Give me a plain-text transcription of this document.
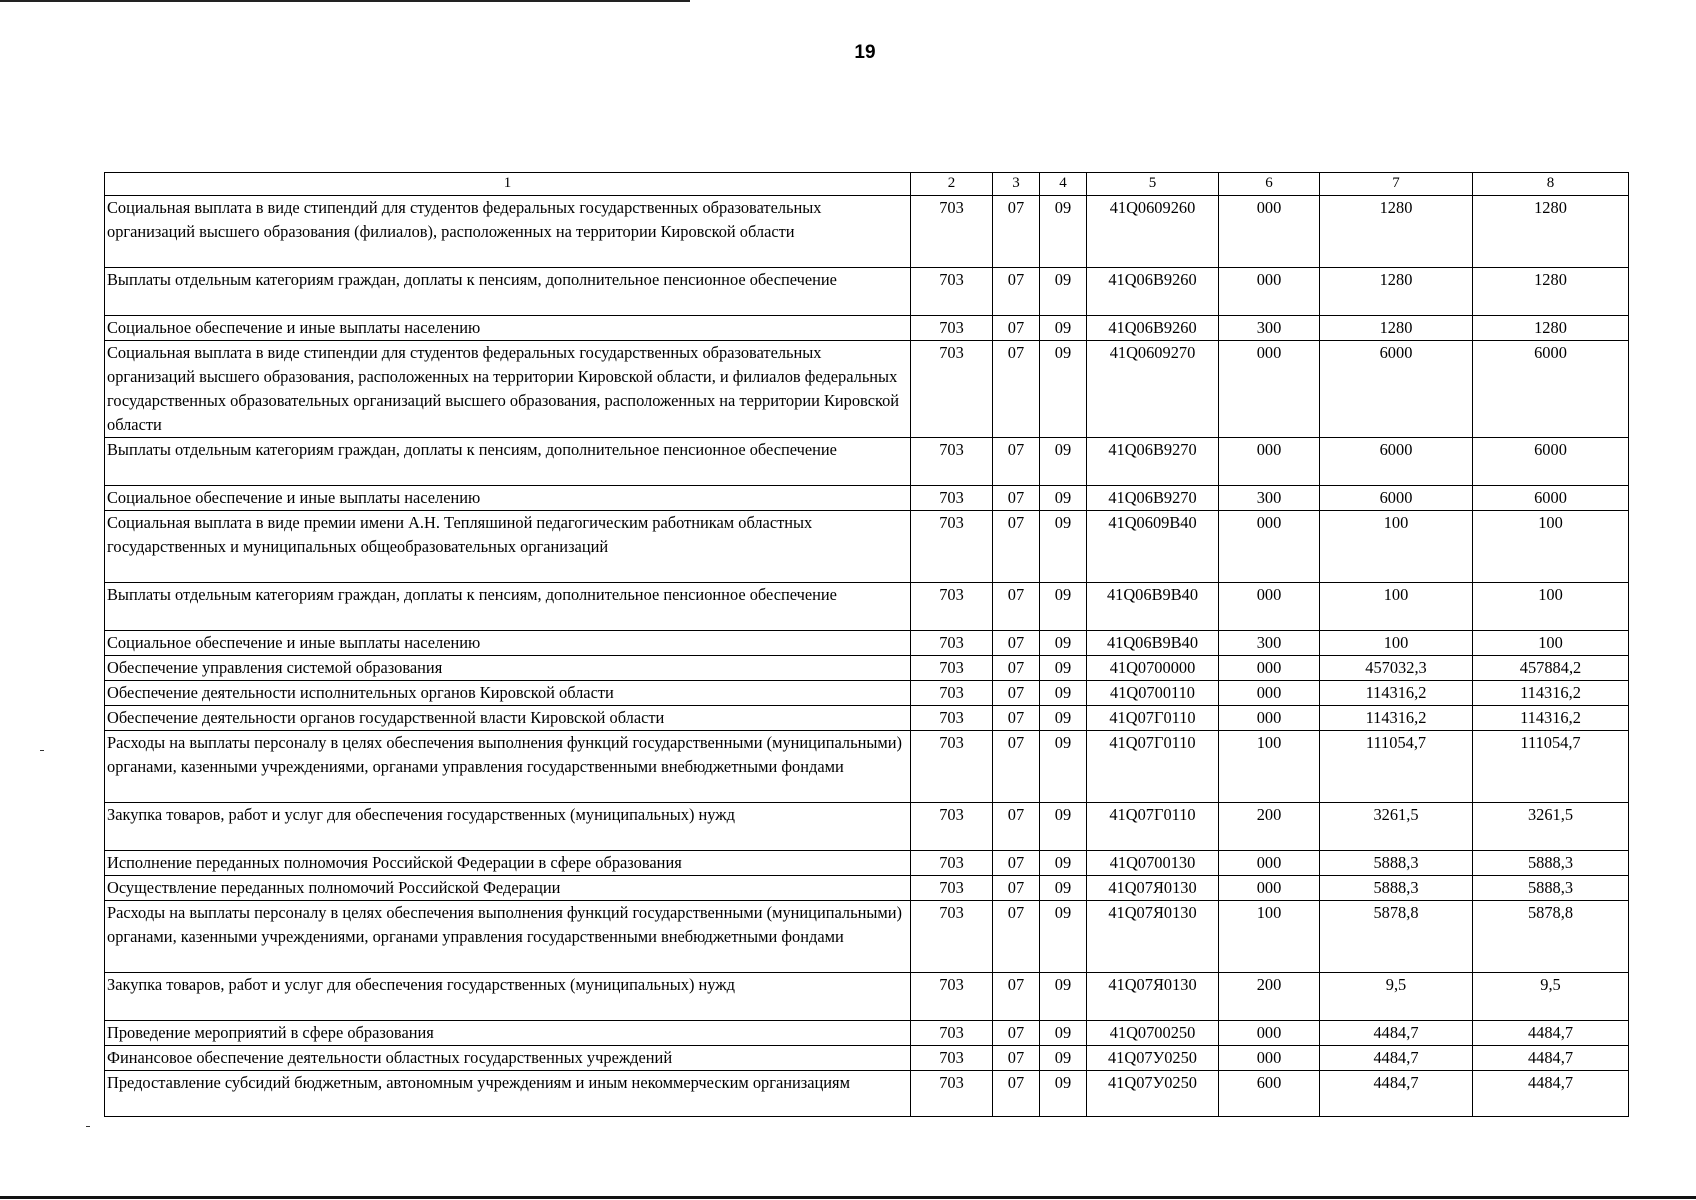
19
1	2	3	4	5	6	7	8
Социальная выплата в виде стипендий для студентов федеральных государственных образовательных организаций высшего образования (филиалов), расположенных на территории Кировской области	703	07	09	41Q0609260	000	1280	1280
Выплаты отдельным категориям граждан, доплаты к пенсиям, дополнительное пенсионное обеспечение	703	07	09	41Q06B9260	000	1280	1280
Социальное обеспечение и иные выплаты населению	703	07	09	41Q06B9260	300	1280	1280
Социальная выплата в виде стипендии для студентов федеральных государственных образовательных организаций высшего образования, расположенных на территории Кировской области, и филиалов федеральных государственных образовательных организаций высшего образования, расположенных на территории Кировской области	703	07	09	41Q0609270	000	6000	6000
Выплаты отдельным категориям граждан, доплаты к пенсиям, дополнительное пенсионное обеспечение	703	07	09	41Q06B9270	000	6000	6000
Социальное обеспечение и иные выплаты населению	703	07	09	41Q06B9270	300	6000	6000
Социальная выплата в виде премии имени А.Н. Тепляшиной педагогическим работникам областных государственных и муниципальных общеобразовательных организаций	703	07	09	41Q0609B40	000	100	100
Выплаты отдельным категориям граждан, доплаты к пенсиям, дополнительное пенсионное обеспечение	703	07	09	41Q06B9B40	000	100	100
Социальное обеспечение и иные выплаты населению	703	07	09	41Q06B9B40	300	100	100
Обеспечение управления системой образования	703	07	09	41Q0700000	000	457032,3	457884,2
Обеспечение деятельности исполнительных органов Кировской области	703	07	09	41Q0700110	000	114316,2	114316,2
Обеспечение деятельности органов государственной власти Кировской области	703	07	09	41Q07Г0110	000	114316,2	114316,2
Расходы на выплаты персоналу в целях обеспечения выполнения функций государственными (муниципальными) органами, казенными учреждениями, органами управления государственными внебюджетными фондами	703	07	09	41Q07Г0110	100	111054,7	111054,7
Закупка товаров, работ и услуг для обеспечения государственных (муниципальных) нужд	703	07	09	41Q07Г0110	200	3261,5	3261,5
Исполнение переданных полномочия Российской Федерации в сфере образования	703	07	09	41Q0700130	000	5888,3	5888,3
Осуществление переданных полномочий Российской Федерации	703	07	09	41Q07Я0130	000	5888,3	5888,3
Расходы на выплаты персоналу в целях обеспечения выполнения функций государственными (муниципальными) органами, казенными учреждениями, органами управления государственными внебюджетными фондами	703	07	09	41Q07Я0130	100	5878,8	5878,8
Закупка товаров, работ и услуг для обеспечения государственных (муниципальных) нужд	703	07	09	41Q07Я0130	200	9,5	9,5
Проведение мероприятий в сфере образования	703	07	09	41Q0700250	000	4484,7	4484,7
Финансовое обеспечение деятельности областных государственных учреждений	703	07	09	41Q07У0250	000	4484,7	4484,7
Предоставление субсидий бюджетным, автономным учреждениям и иным некоммерческим организациям	703	07	09	41Q07У0250	600	4484,7	4484,7
